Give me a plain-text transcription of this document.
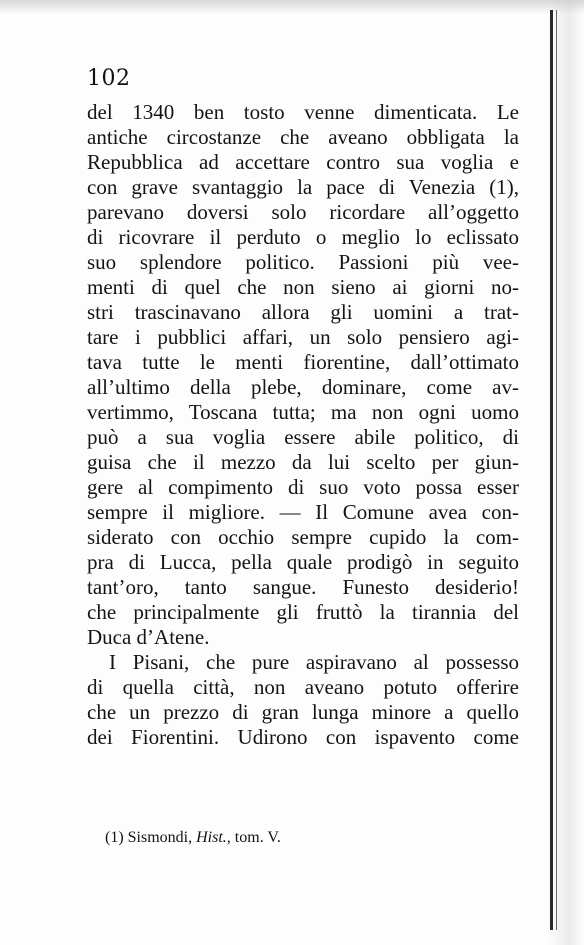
102
del 1340 ben tosto venne dimenticata. Le
antiche circostanze che aveano obbligata la
Repubblica ad accettare contro sua voglia e
con grave svantaggio la pace di Venezia (1),
parevano doversi solo ricordare all’oggetto
di ricovrare il perduto o meglio lo eclissato
suo splendore politico. Passioni più vee-
menti di quel che non sieno ai giorni no-
stri trascinavano allora gli uomini a trat-
tare i pubblici affari, un solo pensiero agi-
tava tutte le menti fiorentine, dall’ottimato
all’ultimo della plebe, dominare, come av-
vertimmo, Toscana tutta; ma non ogni uomo
può a sua voglia essere abile politico, di
guisa che il mezzo da lui scelto per giun-
gere al compimento di suo voto possa esser
sempre il migliore. — Il Comune avea con-
siderato con occhio sempre cupido la com-
pra di Lucca, pella quale prodigò in seguito
tant’oro, tanto sangue. Funesto desiderio!
che principalmente gli fruttò la tirannia del
Duca d’Atene.
I Pisani, che pure aspiravano al possesso
di quella città, non aveano potuto offerire
che un prezzo di gran lunga minore a quello
dei Fiorentini. Udirono con ispavento come
(1) Sismondi, Hist., tom. V.
